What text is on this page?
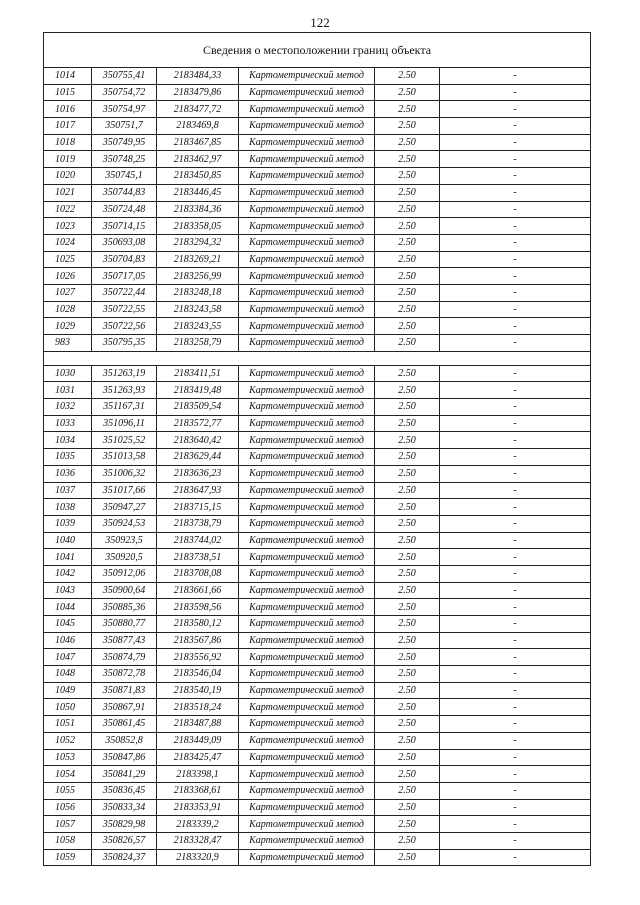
122
Сведения о местоположении границ объекта					
1014	350755,41	2183484,33	Картометрический метод	2.50	-
1015	350754,72	2183479,86	Картометрический метод	2.50	-
1016	350754,97	2183477,72	Картометрический метод	2.50	-
1017	350751,7	2183469,8	Картометрический метод	2.50	-
1018	350749,95	2183467,85	Картометрический метод	2.50	-
1019	350748,25	2183462,97	Картометрический метод	2.50	-
1020	350745,1	2183450,85	Картометрический метод	2.50	-
1021	350744,83	2183446,45	Картометрический метод	2.50	-
1022	350724,48	2183384,36	Картометрический метод	2.50	-
1023	350714,15	2183358,05	Картометрический метод	2.50	-
1024	350693,08	2183294,32	Картометрический метод	2.50	-
1025	350704,83	2183269,21	Картометрический метод	2.50	-
1026	350717,05	2183256,99	Картометрический метод	2.50	-
1027	350722,44	2183248,18	Картометрический метод	2.50	-
1028	350722,55	2183243,58	Картометрический метод	2.50	-
1029	350722,56	2183243,55	Картометрический метод	2.50	-
983	350795,35	2183258,79	Картометрический метод	2.50	-

1030	351263,19	2183411,51	Картометрический метод	2.50	-
1031	351263,93	2183419,48	Картометрический метод	2.50	-
1032	351167,31	2183509,54	Картометрический метод	2.50	-
1033	351096,11	2183572,77	Картометрический метод	2.50	-
1034	351025,52	2183640,42	Картометрический метод	2.50	-
1035	351013,58	2183629,44	Картометрический метод	2.50	-
1036	351006,32	2183636,23	Картометрический метод	2.50	-
1037	351017,66	2183647,93	Картометрический метод	2.50	-
1038	350947,27	2183715,15	Картометрический метод	2.50	-
1039	350924,53	2183738,79	Картометрический метод	2.50	-
1040	350923,5	2183744,02	Картометрический метод	2.50	-
1041	350920,5	2183738,51	Картометрический метод	2.50	-
1042	350912,06	2183708,08	Картометрический метод	2.50	-
1043	350900,64	2183661,66	Картометрический метод	2.50	-
1044	350885,36	2183598,56	Картометрический метод	2.50	-
1045	350880,77	2183580,12	Картометрический метод	2.50	-
1046	350877,43	2183567,86	Картометрический метод	2.50	-
1047	350874,79	2183556,92	Картометрический метод	2.50	-
1048	350872,78	2183546,04	Картометрический метод	2.50	-
1049	350871,83	2183540,19	Картометрический метод	2.50	-
1050	350867,91	2183518,24	Картометрический метод	2.50	-
1051	350861,45	2183487,88	Картометрический метод	2.50	-
1052	350852,8	2183449,09	Картометрический метод	2.50	-
1053	350847,86	2183425,47	Картометрический метод	2.50	-
1054	350841,29	2183398,1	Картометрический метод	2.50	-
1055	350836,45	2183368,61	Картометрический метод	2.50	-
1056	350833,34	2183353,91	Картометрический метод	2.50	-
1057	350829,98	2183339,2	Картометрический метод	2.50	-
1058	350826,57	2183328,47	Картометрический метод	2.50	-
1059	350824,37	2183320,9	Картометрический метод	2.50	-
